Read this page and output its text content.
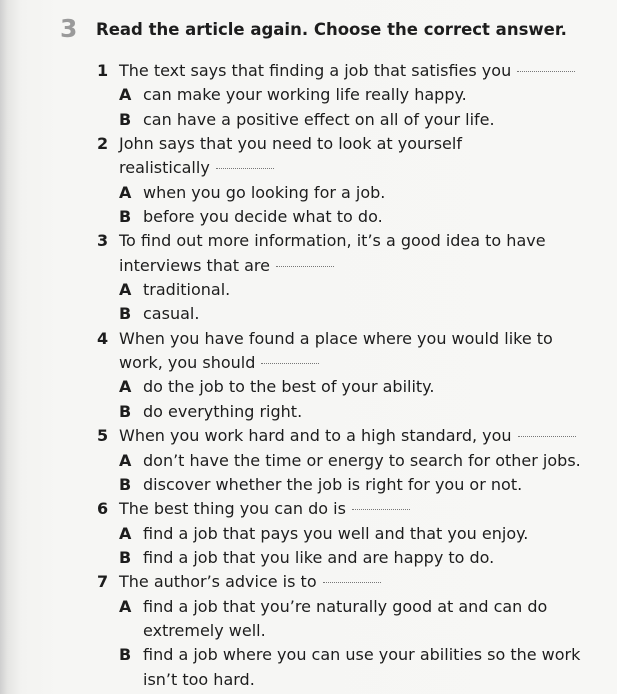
3 Read the article again. Choose the correct answer.
1 The text says that finding a job that satisfies you
A can make your working life really happy.
B can have a positive effect on all of your life.
2 John says that you need to look at yourself
realistically
A when you go looking for a job.
B before you decide what to do.
3 To find out more information, it’s a good idea to have
interviews that are
A traditional.
B casual.
4 When you have found a place where you would like to
work, you should
A do the job to the best of your ability.
B do everything right.
5 When you work hard and to a high standard, you
A don’t have the time or energy to search for other jobs.
B discover whether the job is right for you or not.
6 The best thing you can do is
A find a job that pays you well and that you enjoy.
B find a job that you like and are happy to do.
7 The author’s advice is to
A find a job that you’re naturally good at and can do
extremely well.
B find a job where you can use your abilities so the work
isn’t too hard.
